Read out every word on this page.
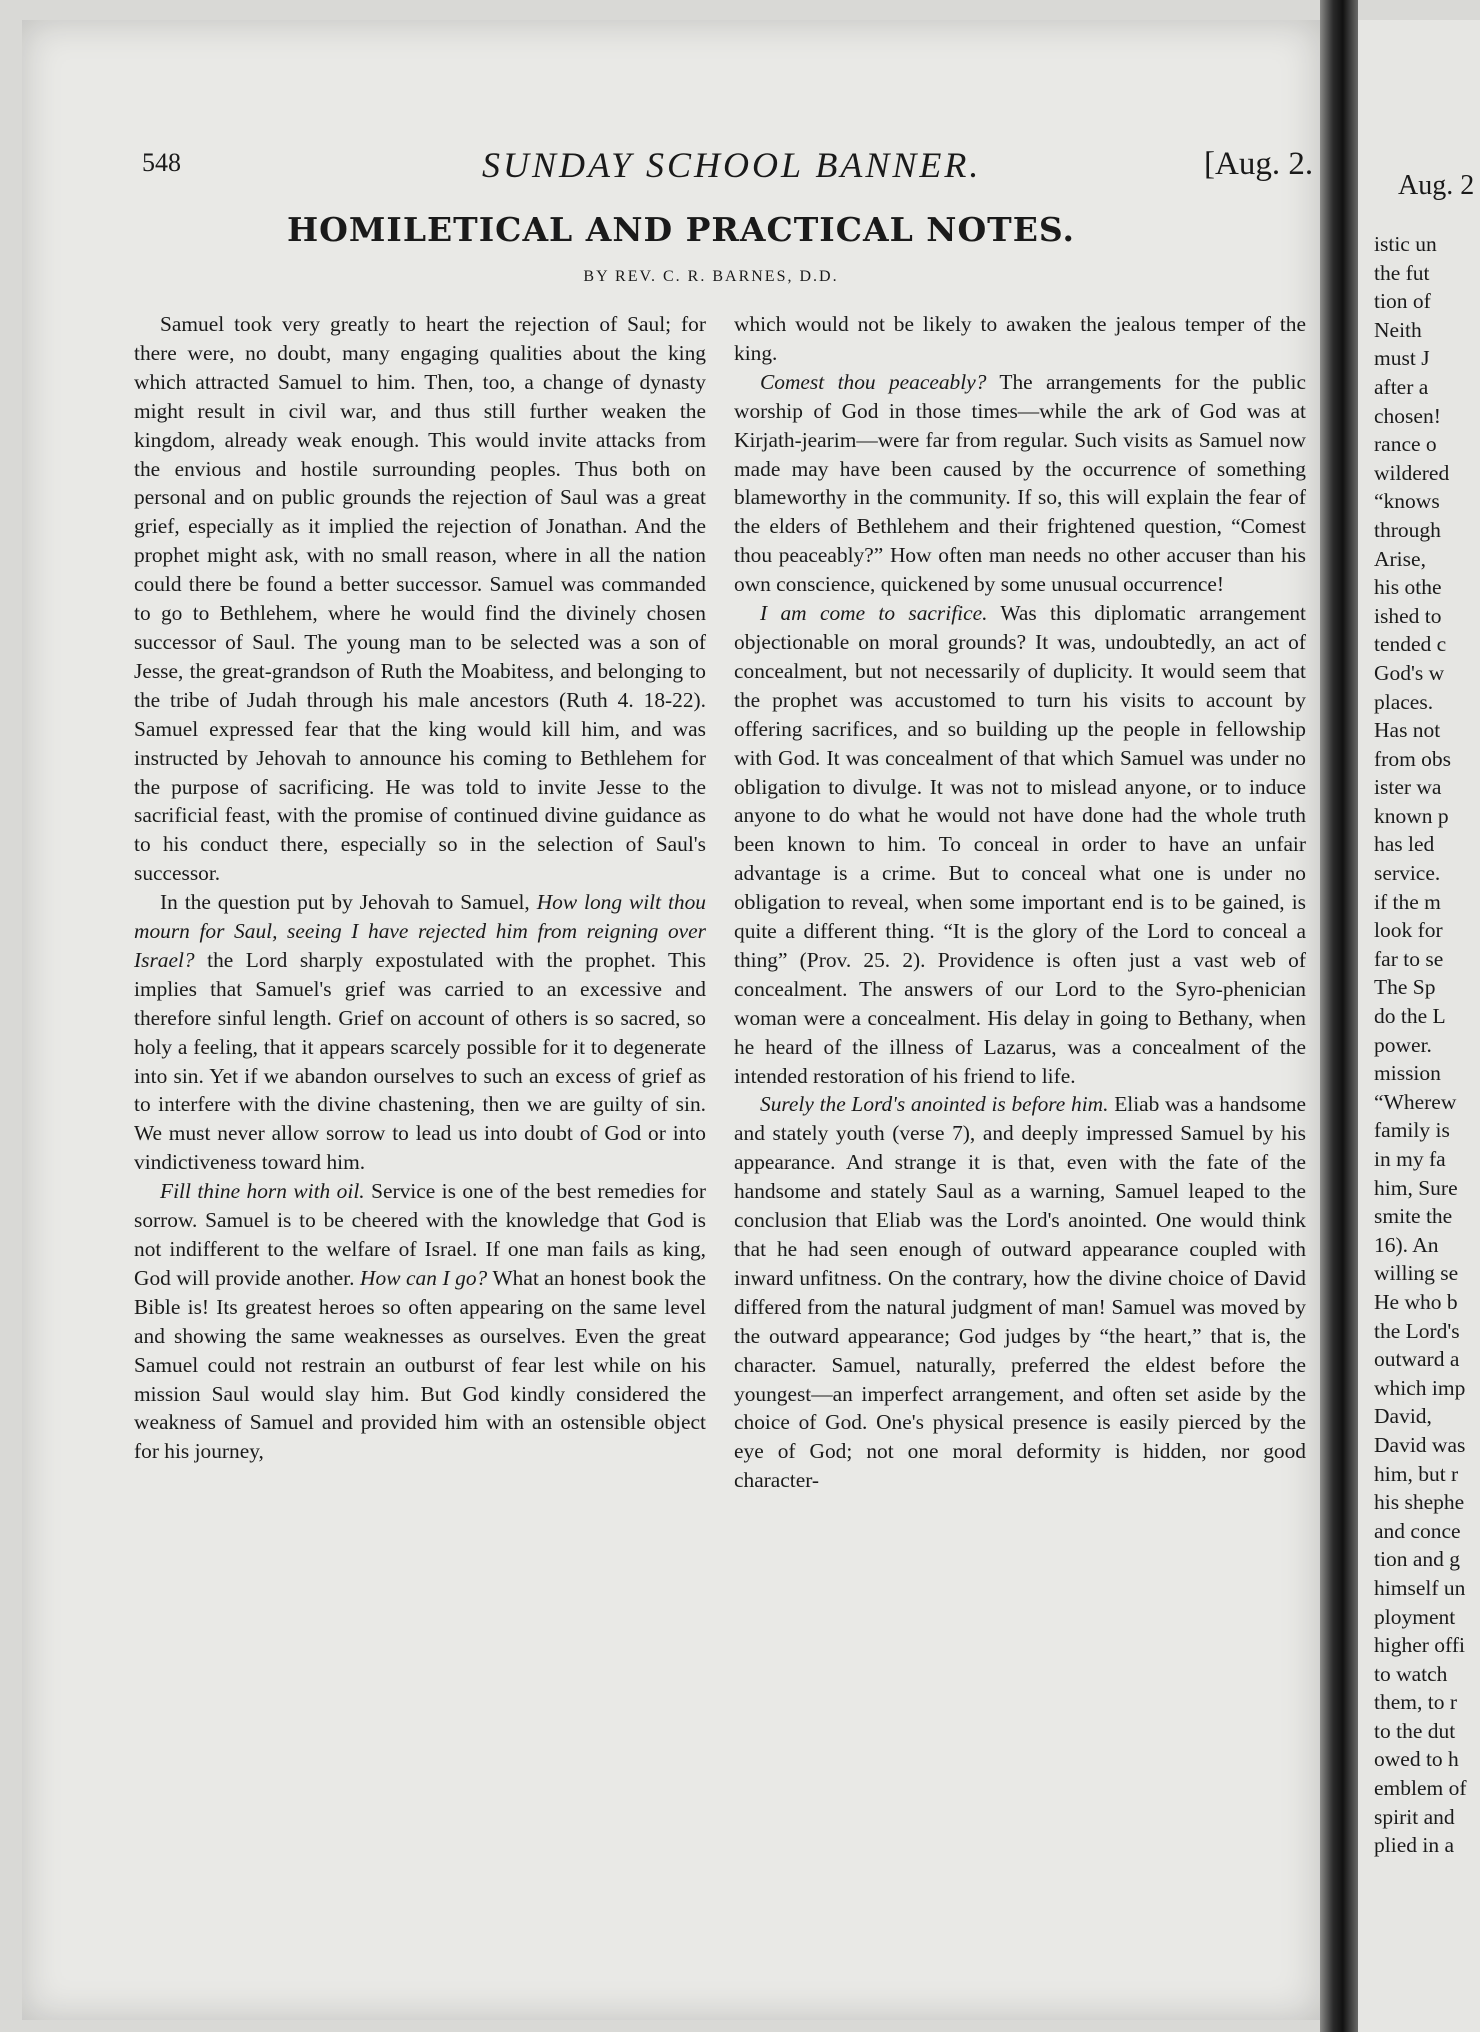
548	SUNDAY SCHOOL BANNER.	[Aug. 2.
HOMILETICAL AND PRACTICAL NOTES.
BY REV. C. R. BARNES, D.D.

Samuel took very greatly to heart the rejection of Saul; for there were, no doubt, many engaging qualities about the king which attracted Samuel to him. Then, too, a change of dynasty might result in civil war, and thus still further weaken the kingdom, already weak enough. This would invite attacks from the envious and hostile surrounding peoples. Thus both on personal and on public grounds the rejection of Saul was a great grief, especially as it implied the rejection of Jonathan. And the prophet might ask, with no small reason, where in all the nation could there be found a better successor. Samuel was commanded to go to Bethlehem, where he would find the divinely chosen successor of Saul. The young man to be selected was a son of Jesse, the great-grandson of Ruth the Moabitess, and belonging to the tribe of Judah through his male ancestors (Ruth 4. 18-22). Samuel expressed fear that the king would kill him, and was instructed by Jehovah to announce his coming to Bethlehem for the purpose of sacrificing. He was told to invite Jesse to the sacrificial feast, with the promise of continued divine guidance as to his conduct there, especially so in the selection of Saul's successor.

In the question put by Jehovah to Samuel, How long wilt thou mourn for Saul, seeing I have rejected him from reigning over Israel? the Lord sharply expostulated with the prophet. This implies that Samuel's grief was carried to an excessive and therefore sinful length. Grief on account of others is so sacred, so holy a feeling, that it appears scarcely possible for it to degenerate into sin. Yet if we abandon ourselves to such an excess of grief as to interfere with the divine chastening, then we are guilty of sin. We must never allow sorrow to lead us into doubt of God or into vindictiveness toward him.

Fill thine horn with oil. Service is one of the best remedies for sorrow. Samuel is to be cheered with the knowledge that God is not indifferent to the welfare of Israel. If one man fails as king, God will provide another. How can I go? What an honest book the Bible is! Its greatest heroes so often appearing on the same level and showing the same weaknesses as ourselves. Even the great Samuel could not restrain an outburst of fear lest while on his mission Saul would slay him. But God kindly considered the weakness of Samuel and provided him with an ostensible object for his journey,

which would not be likely to awaken the jealous temper of the king.

Comest thou peaceably? The arrangements for the public worship of God in those times—while the ark of God was at Kirjath-jearim—were far from regular. Such visits as Samuel now made may have been caused by the occurrence of something blameworthy in the community. If so, this will explain the fear of the elders of Bethlehem and their frightened question, “Comest thou peaceably?” How often man needs no other accuser than his own conscience, quickened by some unusual occurrence!

I am come to sacrifice. Was this diplomatic arrangement objectionable on moral grounds? It was, undoubtedly, an act of concealment, but not necessarily of duplicity. It would seem that the prophet was accustomed to turn his visits to account by offering sacrifices, and so building up the people in fellowship with God. It was concealment of that which Samuel was under no obligation to divulge. It was not to mislead anyone, or to induce anyone to do what he would not have done had the whole truth been known to him. To conceal in order to have an unfair advantage is a crime. But to conceal what one is under no obligation to reveal, when some important end is to be gained, is quite a different thing. “It is the glory of the Lord to conceal a thing” (Prov. 25. 2). Providence is often just a vast web of concealment. The answers of our Lord to the Syro-phenician woman were a concealment. His delay in going to Bethany, when he heard of the illness of Lazarus, was a concealment of the intended restoration of his friend to life.

Surely the Lord's anointed is before him. Eliab was a handsome and stately youth (verse 7), and deeply impressed Samuel by his appearance. And strange it is that, even with the fate of the handsome and stately Saul as a warning, Samuel leaped to the conclusion that Eliab was the Lord's anointed. One would think that he had seen enough of outward appearance coupled with inward unfitness. On the contrary, how the divine choice of David differed from the natural judgment of man! Samuel was moved by the outward appearance; God judges by “the heart,” that is, the character. Samuel, naturally, preferred the eldest before the youngest—an imperfect arrangement, and often set aside by the choice of God. One's physical presence is easily pierced by the eye of God; not one moral deformity is hidden, nor good character-

Aug. 2
istic un
the fut
tion of
Neith
must J
after a
chosen!
rance o
wildered
“knows
through
Arise,
his othe
ished to
tended c
God's w
places.
Has not
from obs
ister wa
known p
has led
service.
if the m
look for
far to se
The Sp
do the L
power.
mission
“Wherew
family is
in my fa
him, Sure
smite the
16). An
willing se
He who b
the Lord's
outward a
which imp
David,
David was
him, but r
his shephe
and conce
tion and g
himself un
ployment
higher offi
to watch
them, to r
to the dut
owed to h
emblem of
spirit and
plied in a
